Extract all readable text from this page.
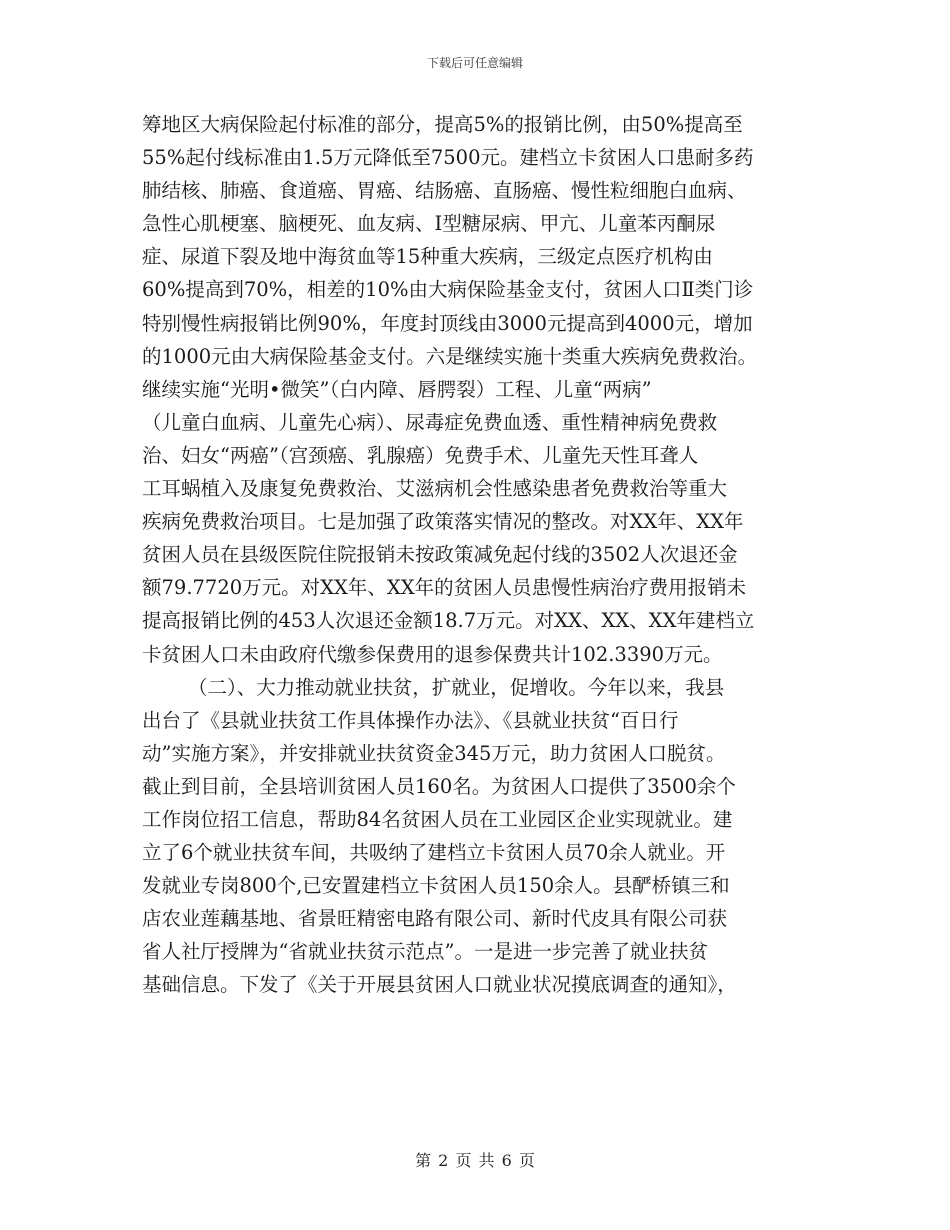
下载后可任意编辑
筹地区大病保险起付标准的部分，提高5%的报销比例，由50%提高至
55%起付线标准由1.5万元降低至7500元。建档立卡贫困人口患耐多药
肺结核、肺癌、食道癌、胃癌、结肠癌、直肠癌、慢性粒细胞白血病、
急性心肌梗塞、脑梗死、血友病、Ⅰ型糖尿病、甲亢、儿童苯丙酮尿
症、尿道下裂及地中海贫血等15种重大疾病，三级定点医疗机构由
60%提高到70%，相差的10%由大病保险基金支付，贫困人口Ⅱ类门诊
特别慢性病报销比例90%，年度封顶线由3000元提高到4000元，增加
的1000元由大病保险基金支付。六是继续实施十类重大疾病免费救治。
继续实施“光明•微笑”（白内障、唇腭裂）工程、儿童“两病”
（儿童白血病、儿童先心病）、尿毒症免费血透、重性精神病免费救
治、妇女“两癌”（宫颈癌、乳腺癌）免费手术、儿童先天性耳聋人
工耳蜗植入及康复免费救治、艾滋病机会性感染患者免费救治等重大
疾病免费救治项目。七是加强了政策落实情况的整改。对XX年、XX年
贫困人员在县级医院住院报销未按政策减免起付线的3502人次退还金
额79.7720万元。对XX年、XX年的贫困人员患慢性病治疗费用报销未
提高报销比例的453人次退还金额18.7万元。对XX、XX、XX年建档立
卡贫困人口未由政府代缴参保费用的退参保费共计102.3390万元。
（二）、大力推动就业扶贫，扩就业，促增收。今年以来，我县
出台了《县就业扶贫工作具体操作办法》、《县就业扶贫“百日行
动”实施方案》，并安排就业扶贫资金345万元，助力贫困人口脱贫。
截止到目前，全县培训贫困人员160名。为贫困人口提供了3500余个
工作岗位招工信息，帮助84名贫困人员在工业园区企业实现就业。建
立了6个就业扶贫车间，共吸纳了建档立卡贫困人员70余人就业。开
发就业专岗800个,已安置建档立卡贫困人员150余人。县酽桥镇三和
店农业莲藕基地、省景旺精密电路有限公司、新时代皮具有限公司获
省人社厅授牌为“省就业扶贫示范点”。一是进一步完善了就业扶贫
基础信息。下发了《关于开展县贫困人口就业状况摸底调查的通知》，
第 2 页 共 6 页
